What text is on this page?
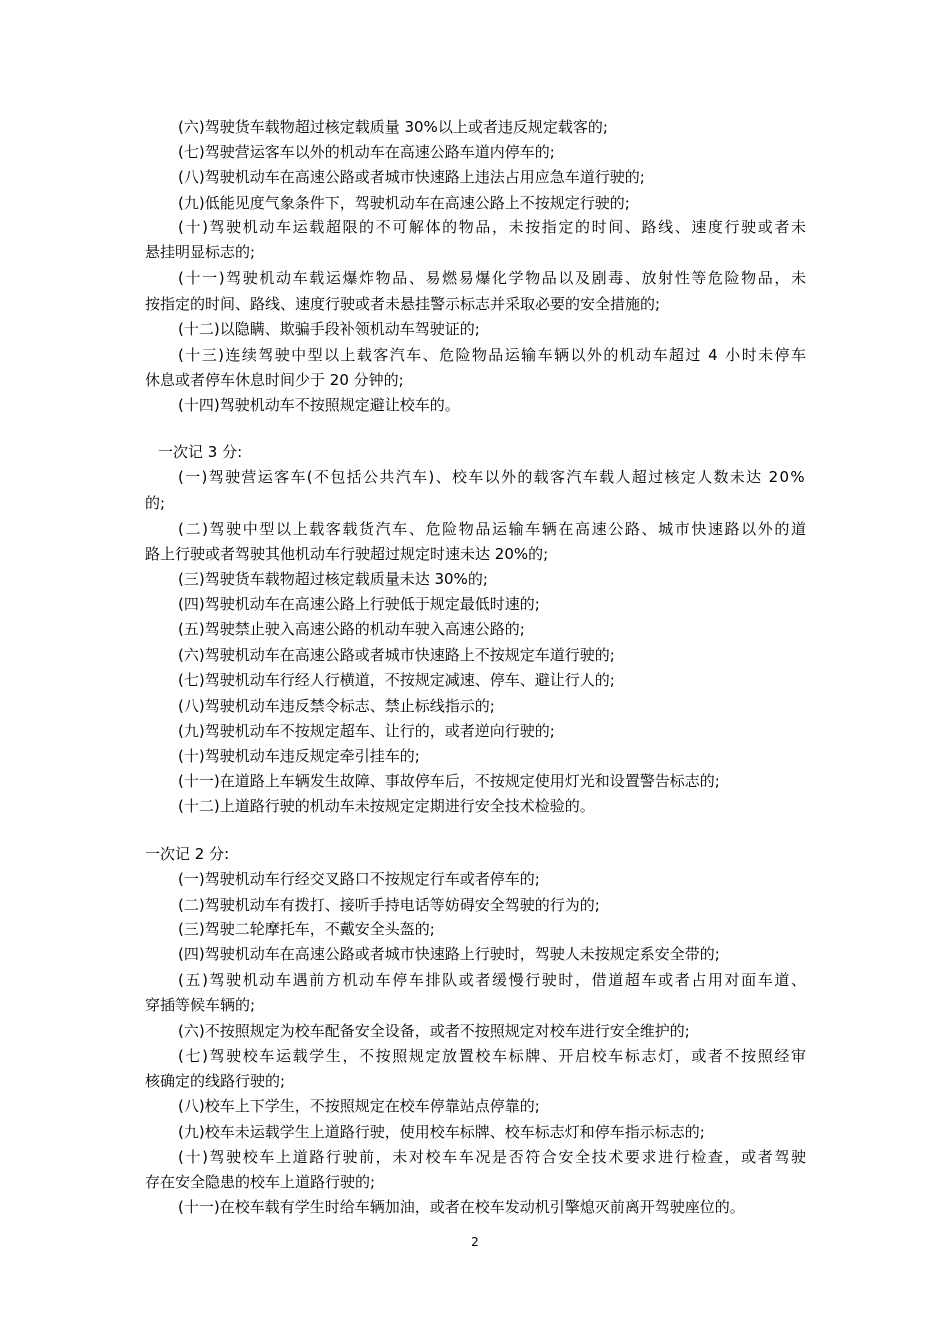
(六)驾驶货车载物超过核定载质量 30%以上或者违反规定载客的;
(七)驾驶营运客车以外的机动车在高速公路车道内停车的;
(八)驾驶机动车在高速公路或者城市快速路上违法占用应急车道行驶的;
(九)低能见度气象条件下，驾驶机动车在高速公路上不按规定行驶的;
(十)驾驶机动车运载超限的不可解体的物品，未按指定的时间、路线、速度行驶或者未
悬挂明显标志的;
(十一)驾驶机动车载运爆炸物品、易燃易爆化学物品以及剧毒、放射性等危险物品，未
按指定的时间、路线、速度行驶或者未悬挂警示标志并采取必要的安全措施的;
(十二)以隐瞒、欺骗手段补领机动车驾驶证的;
(十三)连续驾驶中型以上载客汽车、危险物品运输车辆以外的机动车超过 4 小时未停车
休息或者停车休息时间少于 20 分钟的;
(十四)驾驶机动车不按照规定避让校车的。
一次记 3 分:
(一)驾驶营运客车(不包括公共汽车)、校车以外的载客汽车载人超过核定人数未达 20%
的;
(二)驾驶中型以上载客载货汽车、危险物品运输车辆在高速公路、城市快速路以外的道
路上行驶或者驾驶其他机动车行驶超过规定时速未达 20%的;
(三)驾驶货车载物超过核定载质量未达 30%的;
(四)驾驶机动车在高速公路上行驶低于规定最低时速的;
(五)驾驶禁止驶入高速公路的机动车驶入高速公路的;
(六)驾驶机动车在高速公路或者城市快速路上不按规定车道行驶的;
(七)驾驶机动车行经人行横道，不按规定减速、停车、避让行人的;
(八)驾驶机动车违反禁令标志、禁止标线指示的;
(九)驾驶机动车不按规定超车、让行的，或者逆向行驶的;
(十)驾驶机动车违反规定牵引挂车的;
(十一)在道路上车辆发生故障、事故停车后，不按规定使用灯光和设置警告标志的;
(十二)上道路行驶的机动车未按规定定期进行安全技术检验的。
一次记 2 分:
(一)驾驶机动车行经交叉路口不按规定行车或者停车的;
(二)驾驶机动车有拨打、接听手持电话等妨碍安全驾驶的行为的;
(三)驾驶二轮摩托车，不戴安全头盔的;
(四)驾驶机动车在高速公路或者城市快速路上行驶时，驾驶人未按规定系安全带的;
(五)驾驶机动车遇前方机动车停车排队或者缓慢行驶时，借道超车或者占用对面车道、
穿插等候车辆的;
(六)不按照规定为校车配备安全设备，或者不按照规定对校车进行安全维护的;
(七)驾驶校车运载学生，不按照规定放置校车标牌、开启校车标志灯，或者不按照经审
核确定的线路行驶的;
(八)校车上下学生，不按照规定在校车停靠站点停靠的;
(九)校车未运载学生上道路行驶，使用校车标牌、校车标志灯和停车指示标志的;
(十)驾驶校车上道路行驶前，未对校车车况是否符合安全技术要求进行检查，或者驾驶
存在安全隐患的校车上道路行驶的;
(十一)在校车载有学生时给车辆加油，或者在校车发动机引擎熄灭前离开驾驶座位的。
2
